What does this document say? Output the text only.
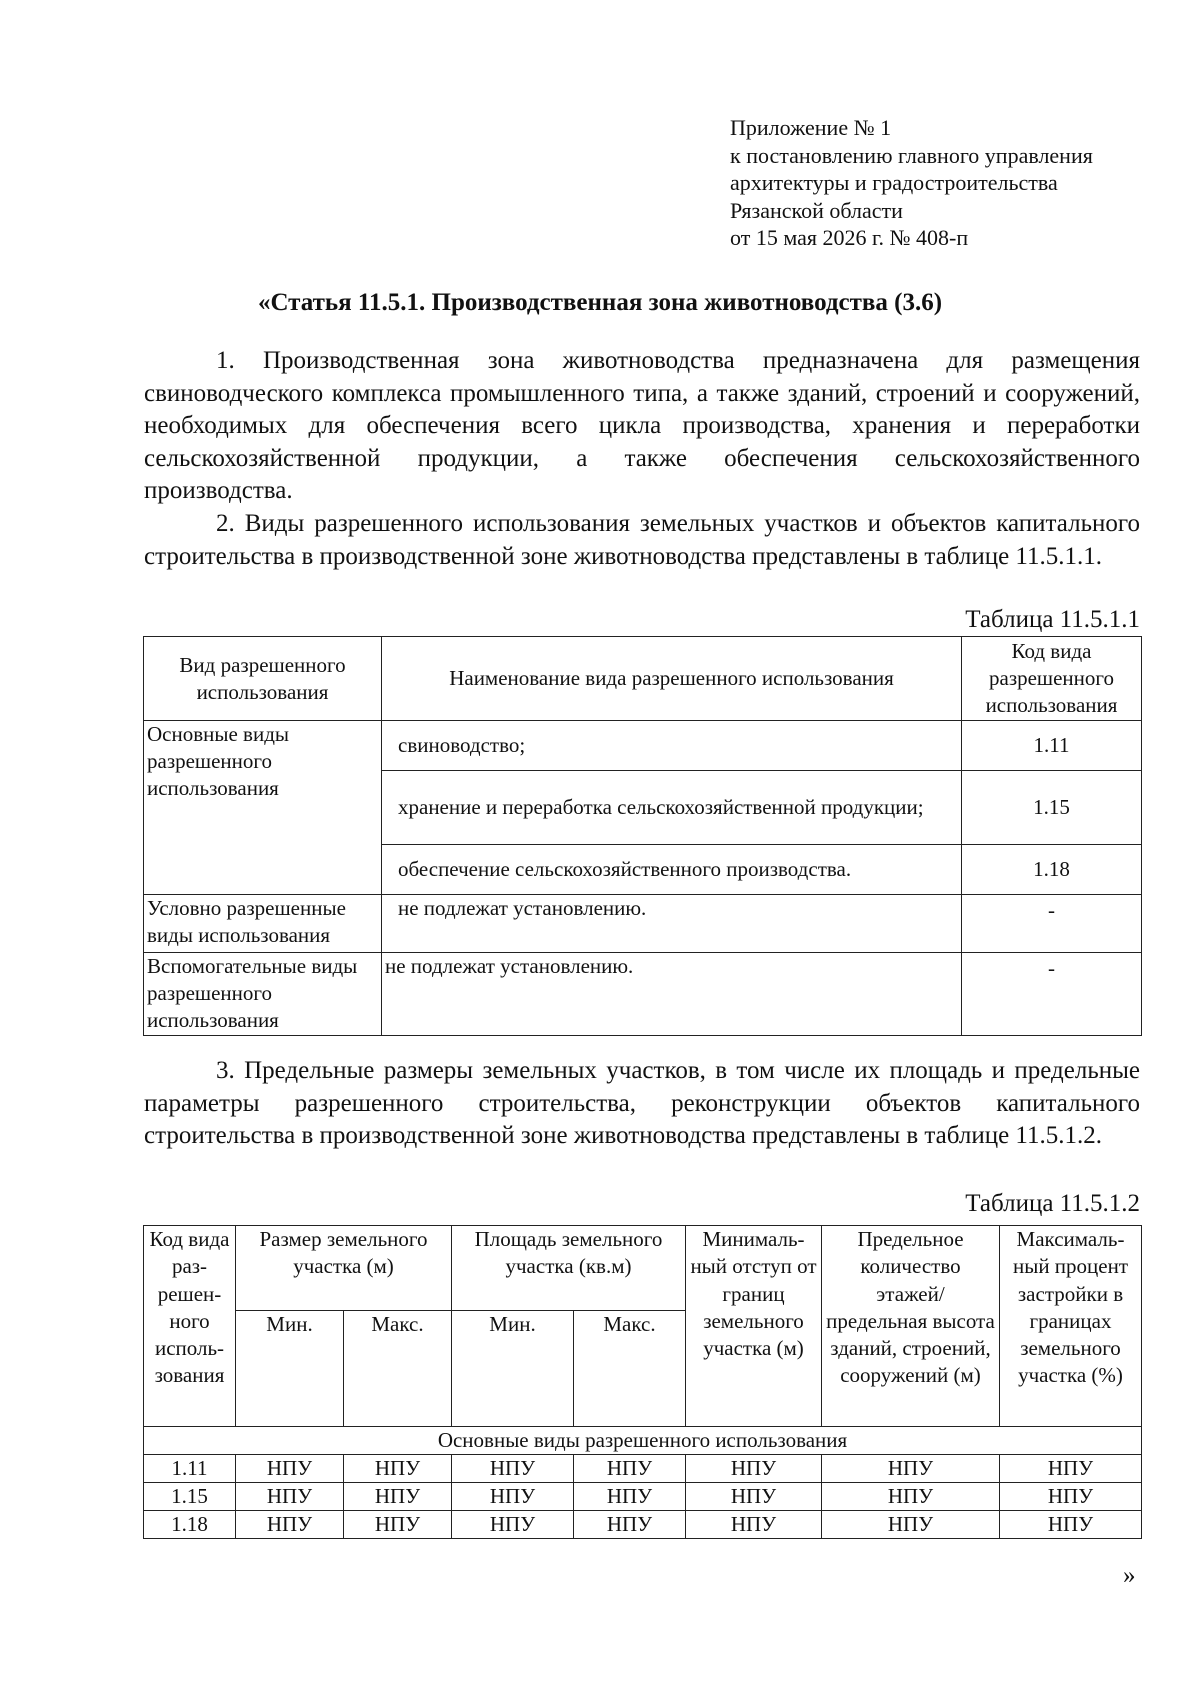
Приложение № 1
к постановлению главного управления
архитектуры и градостроительства
Рязанской области
от 15 мая 2026 г. № 408-п
«Статья 11.5.1. Производственная зона животноводства (3.6)

1. Производственная зона животноводства предназначена для размещения свиноводческого комплекса промышленного типа, а также зданий, строений и сооружений, необходимых для обеспечения всего цикла производства, хранения и переработки сельскохозяйственной продукции, а также обеспечения сельскохозяйственного производства.

2. Виды разрешенного использования земельных участков и объектов капитального строительства в производственной зоне животноводства представлены в таблице 11.5.1.1.

Таблица 11.5.1.1
Вид разрешенного использования	Наименование вида разрешенного использования	Код вида разрешенного использования
Основные виды разрешенного использования	свиноводство;	1.11
	хранение и переработка сельскохозяйственной продукции;	1.15
	обеспечение сельскохозяйственного производства.	1.18
Условно разрешенные виды использования	не подлежат установлению.	-
Вспомогательные виды разрешенного использования	не подлежат установлению.	-

3. Предельные размеры земельных участков, в том числе их площадь и предельные параметры разрешенного строительства, реконструкции объектов капитального строительства в производственной зоне животноводства представлены в таблице 11.5.1.2.

Таблица 11.5.1.2
Код вида раз-решен-ного исполь-зования	Размер земельного участка (м)		Площадь земельного участка (кв.м)		Минималь-ный отступ от границ земельного участка (м)	Предельное количество этажей/ предельная высота зданий, строений, сооружений (м)	Максималь-ный процент застройки в границах земельного участка (%)
	Мин.	Макс.	Мин.	Макс.			
Основные виды разрешенного использования							
1.11	НПУ	НПУ	НПУ	НПУ	НПУ	НПУ	НПУ
1.15	НПУ	НПУ	НПУ	НПУ	НПУ	НПУ	НПУ
1.18	НПУ	НПУ	НПУ	НПУ	НПУ	НПУ	НПУ
»
